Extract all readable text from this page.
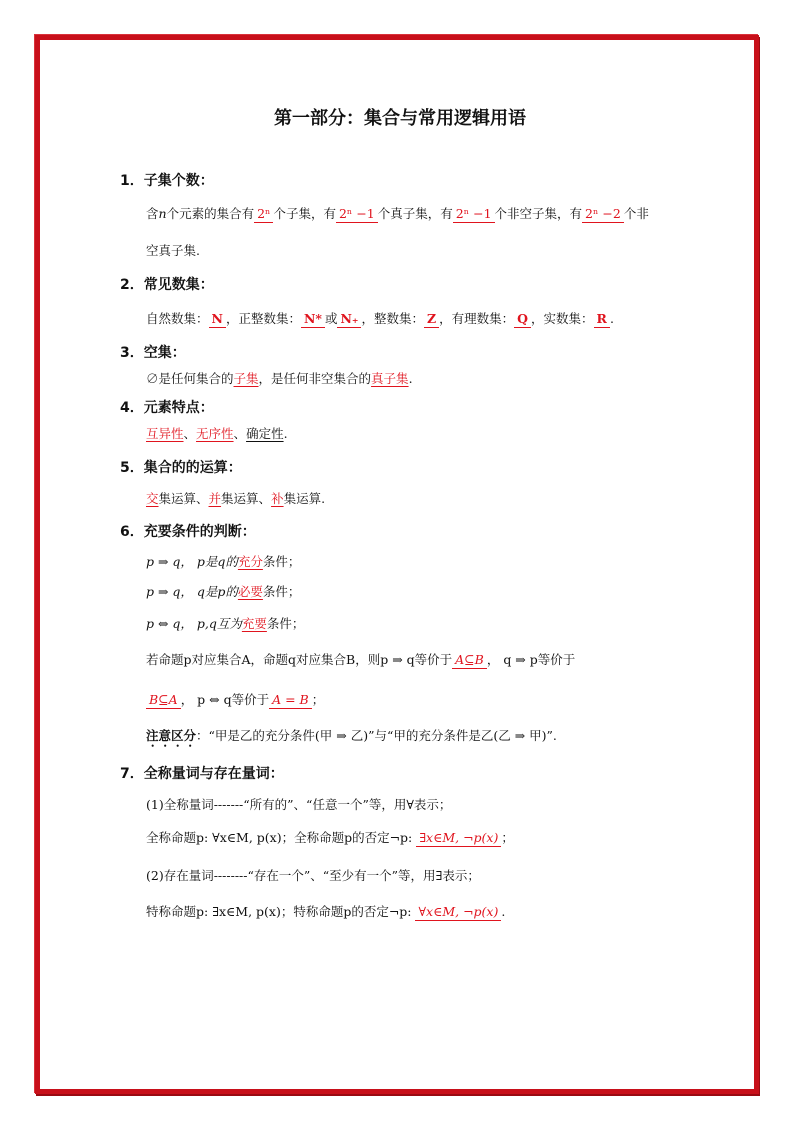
第一部分：集合与常用逻辑用语
1．子集个数：
含n个元素的集合有 2ⁿ 个子集，有 2ⁿ −1 个真子集，有 2ⁿ −1 个非空子集，有 2ⁿ −2 个非
空真子集.
2．常见数集：
自然数集： N ，正整数集： N* 或 N₊ ，整数集： Z ，有理数集： Q ，实数集： R .
3．空集：
∅是任何集合的子集，是任何非空集合的真子集.
4．元素特点：
互异性、无序性、确定性.
5．集合的的运算：
交集运算、并集运算、补集运算.
6．充要条件的判断：
p ⇒ q， p是q的充分条件；
p ⇒ q， q是p的必要条件；
p ⇔ q， p,q互为充要条件；
若命题p对应集合A，命题q对应集合B，则p ⇒ q等价于 A⊆B ， q ⇒ p等价于
B⊆A ， p ⇔ q等价于 A = B ；
注意区分：“甲是乙的充分条件(甲 ⇒ 乙)”与“甲的充分条件是乙(乙 ⇒ 甲)”.
7．全称量词与存在量词：
(1)全称量词-------“所有的”、“任意一个”等，用∀表示；
全称命题p: ∀x∈M, p(x)；全称命题p的否定¬p: ∃x∈M, ¬p(x) ；
(2)存在量词--------“存在一个”、“至少有一个”等，用∃表示；
特称命题p: ∃x∈M, p(x)；特称命题p的否定¬p: ∀x∈M, ¬p(x) .
